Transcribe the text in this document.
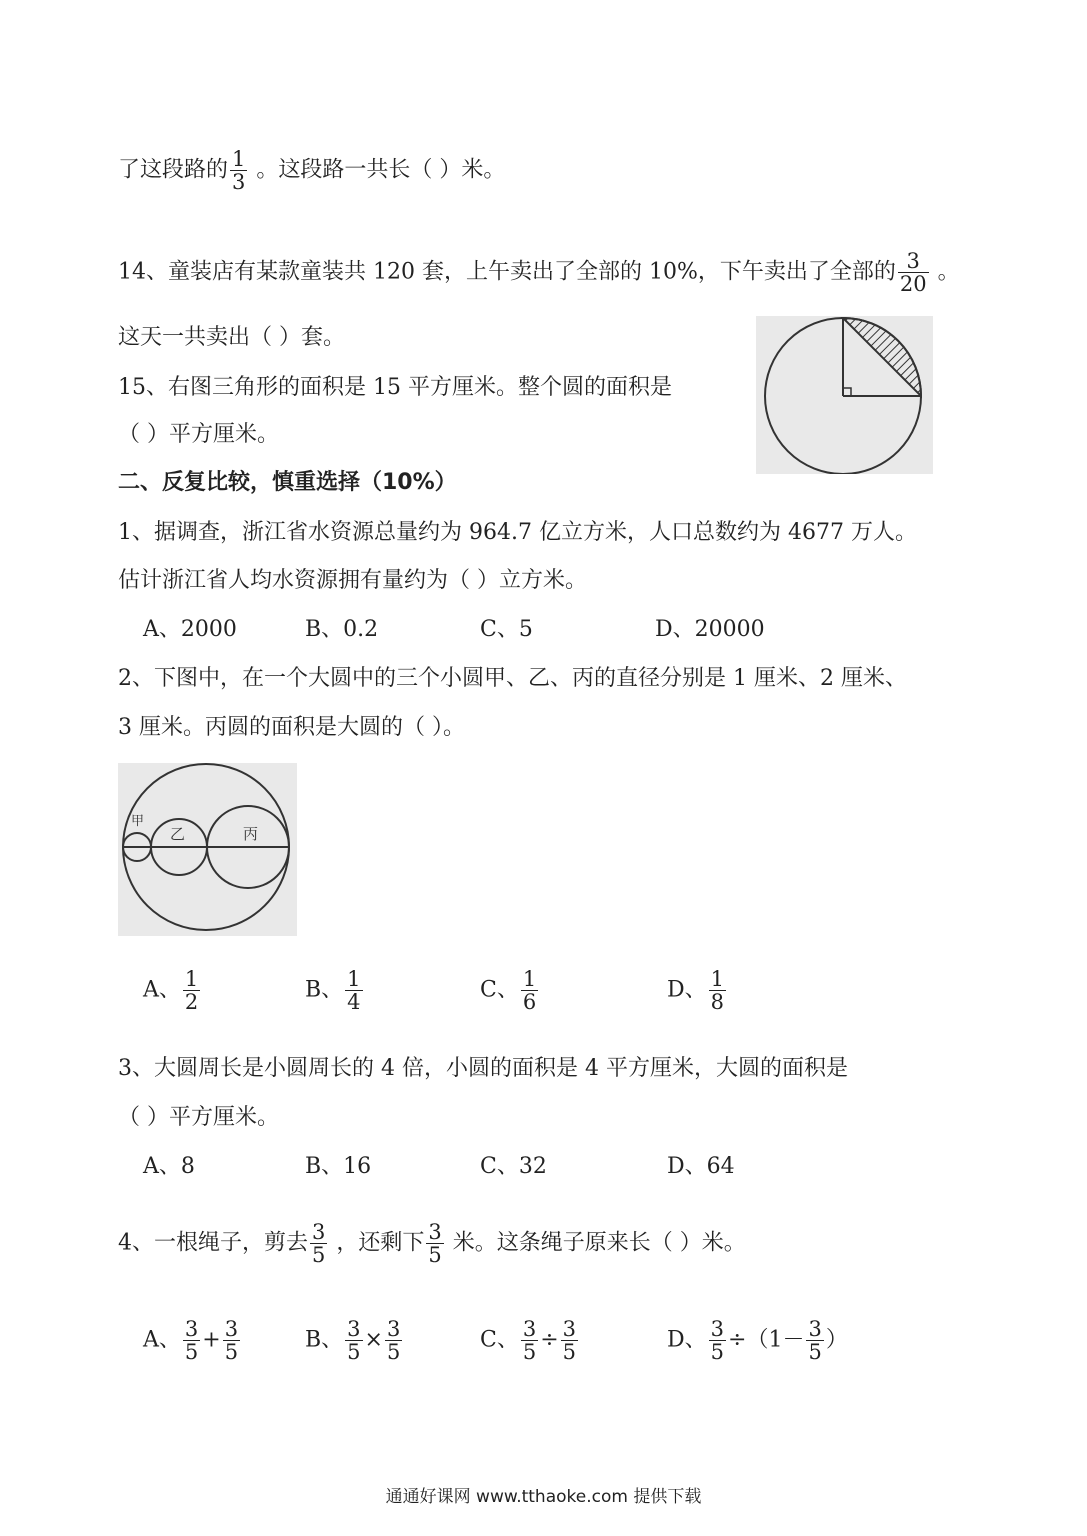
了这段路的 $\frac{1}{3}$ 。这段路一共长（ ）米。
14、童装店有某款童装共 120 套，上午卖出了全部的 10%，下午卖出了全部的 $\frac{3}{20}$ 。
这天一共卖出（ ）套。
15、右图三角形的面积是 15 平方厘米。整个圆的面积是
（ ）平方厘米。
二、反复比较，慎重选择（10%）
1、据调查，浙江省水资源总量约为 964.7 亿立方米，人口总数约为 4677 万人。
估计浙江省人均水资源拥有量约为（ ）立方米。
A、2000	B、0.2	C、5	D、20000
2、下图中，在一个大圆中的三个小圆甲、乙、丙的直径分别是 1 厘米、2 厘米、
3 厘米。丙圆的面积是大圆的（ ）。
甲
乙	丙
A、 $\frac{1}{2}$	B、 $\frac{1}{4}$	C、 $\frac{1}{6}$	D、 $\frac{1}{8}$
3、大圆周长是小圆周长的 4 倍，小圆的面积是 4 平方厘米，大圆的面积是
（ ）平方厘米。
A、8	B、16	C、32	D、64
4、一根绳子，剪去 $\frac{3}{5}$ ，还剩下 $\frac{3}{5}$ 米。这条绳子原来长（ ）米。
A、 $\frac{3}{5} + \frac{3}{5}$	B、 $\frac{3}{5} \times \frac{3}{5}$	C、 $\frac{3}{5} \div \frac{3}{5}$	D、 $\frac{3}{5} \div(1- \frac{3}{5}$ ）
通通好课网 www.tthaoke.com 提供下载
